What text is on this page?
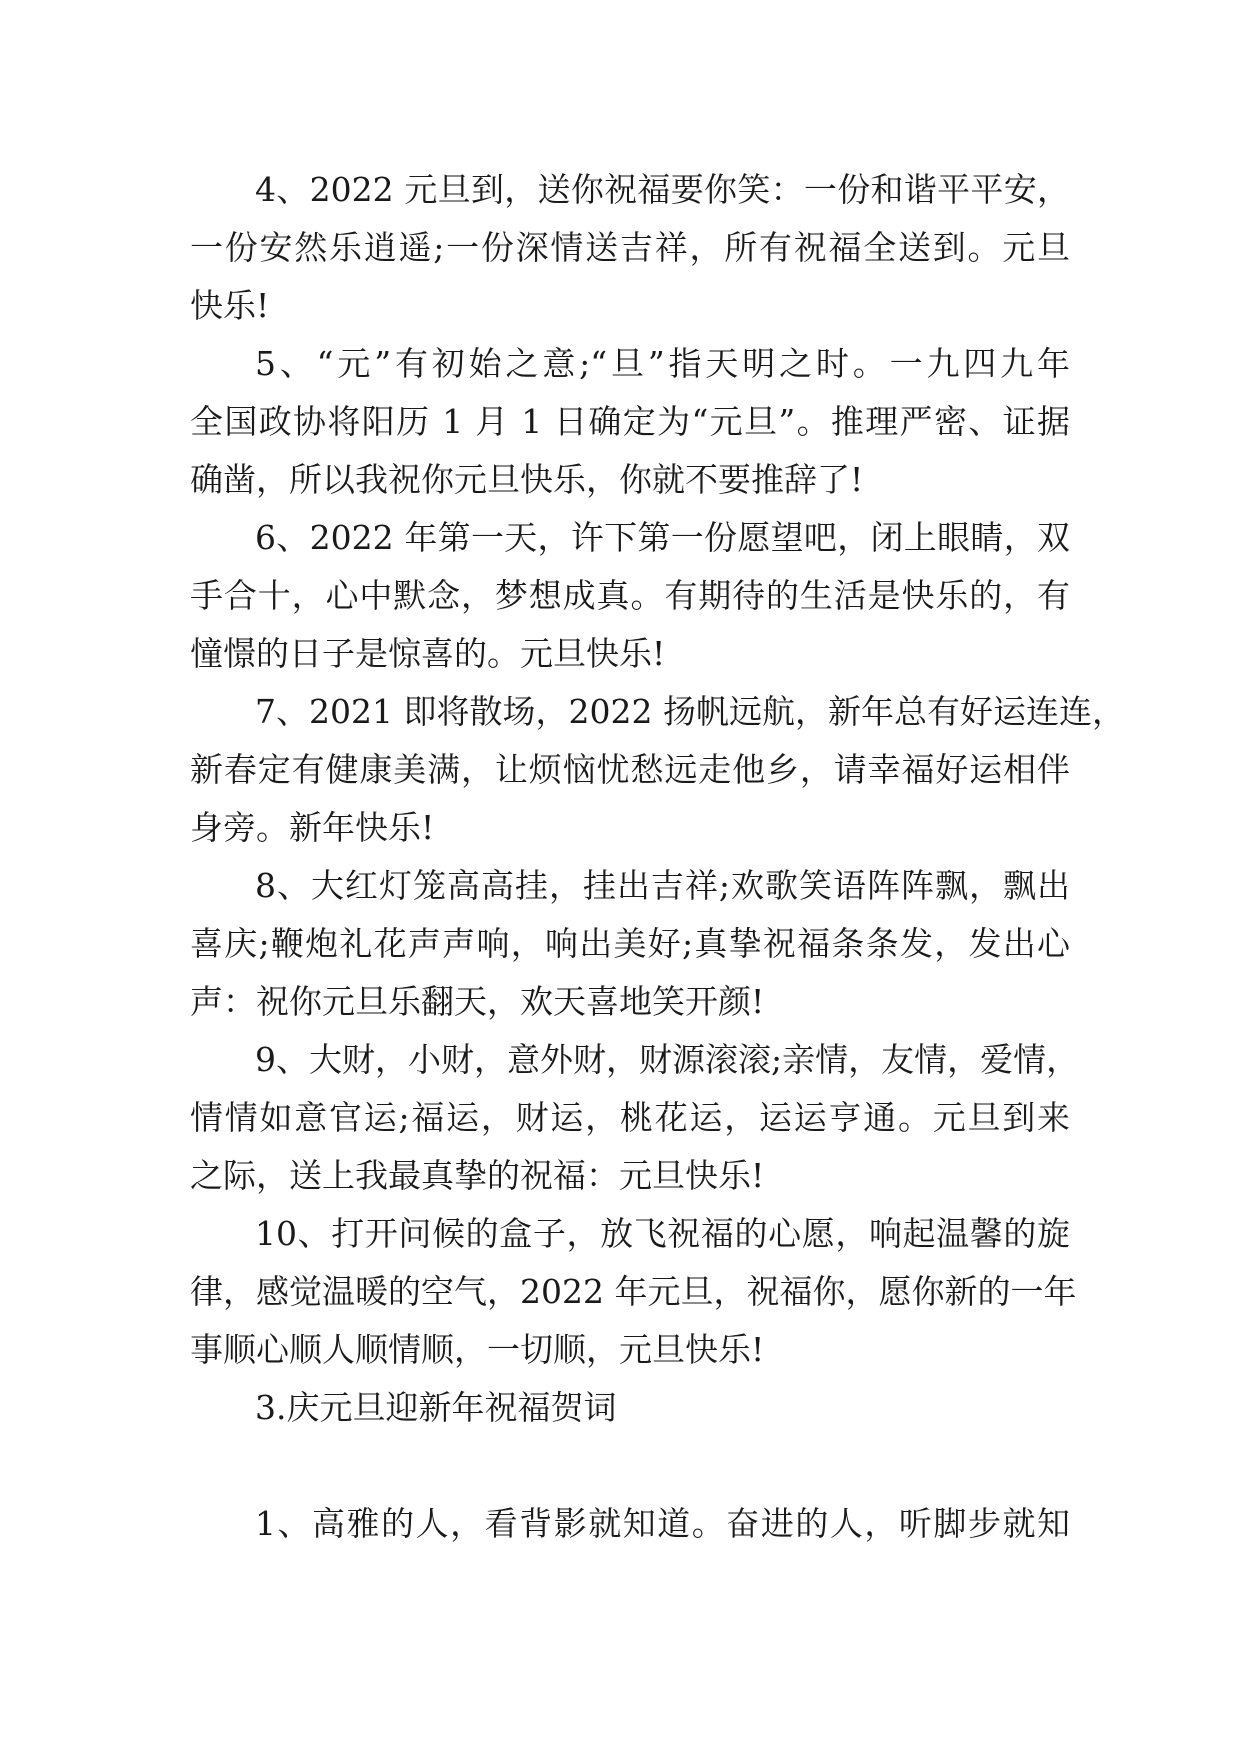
4、2022 元旦到，送你祝福要你笑：一份和谐平平安，
一份安然乐逍遥;一份深情送吉祥，所有祝福全送到。元旦
快乐!
5、“元”有初始之意;“旦”指天明之时。一九四九年
全国政协将阳历 1 月 1 日确定为“元旦”。推理严密、证据
确凿，所以我祝你元旦快乐，你就不要推辞了!
6、2022 年第一天，许下第一份愿望吧，闭上眼睛，双
手合十，心中默念，梦想成真。有期待的生活是快乐的，有
憧憬的日子是惊喜的。元旦快乐!
7、2021 即将散场，2022 扬帆远航，新年总有好运连连，
新春定有健康美满，让烦恼忧愁远走他乡，请幸福好运相伴
身旁。新年快乐!
8、大红灯笼高高挂，挂出吉祥;欢歌笑语阵阵飘，飘出
喜庆;鞭炮礼花声声响，响出美好;真挚祝福条条发，发出心
声：祝你元旦乐翻天，欢天喜地笑开颜!
9、大财，小财，意外财，财源滚滚;亲情，友情，爱情，
情情如意官运;福运，财运，桃花运，运运亨通。元旦到来
之际，送上我最真挚的祝福：元旦快乐!
10、打开问候的盒子，放飞祝福的心愿，响起温馨的旋
律，感觉温暖的空气，2022 年元旦，祝福你，愿你新的一年
事顺心顺人顺情顺，一切顺，元旦快乐!
3.庆元旦迎新年祝福贺词
1、高雅的人，看背影就知道。奋进的人，听脚步就知
